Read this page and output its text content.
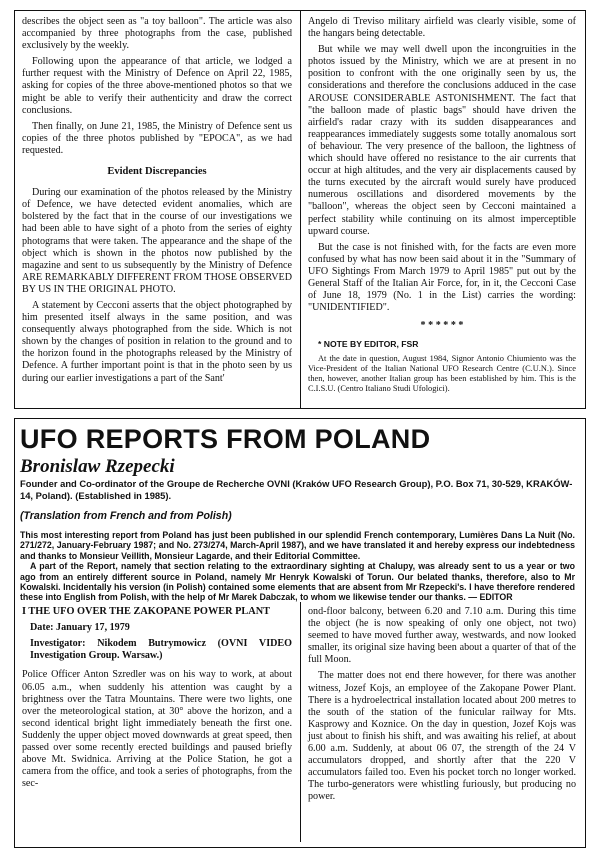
describes the object seen as "a toy balloon". The article was also accompanied by three photographs from the case, published exclusively by the weekly.

Following upon the appearance of that article, we lodged a further request with the Ministry of Defence on April 22, 1985, asking for copies of the three above-mentioned photos so that we might be able to verify their authenticity and draw the correct conclusions.

Then finally, on June 21, 1985, the Ministry of Defence sent us copies of the three photos published by "EPOCA", as we had requested.

Evident Discrepancies

During our examination of the photos released by the Ministry of Defence, we have detected evident anomalies, which are bolstered by the fact that in the course of our investigations we had been able to have sight of a photo from the series of eighty photograms that were taken. The appearance and the shape of the object which is shown in the photos now published by the magazine and sent to us subsequently by the Ministry of Defence ARE REMARKABLY DIFFERENT FROM THOSE OBSERVED BY US IN THE ORIGINAL PHOTO.

A statement by Cecconi asserts that the object photographed by him presented itself always in the same position, and was consequently always photographed from the side. Which is not shown by the changes of position in relation to the ground and to the horizon found in the photographs released by the Ministry of Defence. A further important point is that in the photo seen by us during our earlier investigations a part of the Sant'

Angelo di Treviso military airfield was clearly visible, some of the hangars being detectable.

But while we may well dwell upon the incongruities in the photos issued by the Ministry, which we are at present in no position to confront with the one originally seen by us, the considerations and therefore the conclusions adduced in the case AROUSE CONSIDERABLE ASTONISHMENT. The fact that "the balloon made of plastic bags" should have driven the airfield's radar crazy with its sudden disappearances and reappearances immediately suggests some totally anomalous sort of behaviour. The very presence of the balloon, the lightness of which should have offered no resistance to the air currents that occur at high altitudes, and the very air displacements caused by the turns executed by the aircraft would surely have produced numerous oscillations and disordered movements by the "balloon", whereas the object seen by Cecconi maintained a perfect stability while continuing on its almost imperceptible upward course.

But the case is not finished with, for the facts are even more confused by what has now been said about it in the "Summary of UFO Sightings From March 1979 to April 1985" put out by the General Staff of the Italian Air Force, for, in it, the Cecconi Case of June 18, 1979 (No. 1 in the List) carries the wording: "UNIDENTIFIED".

* * * * * *

* NOTE BY EDITOR, FSR

At the date in question, August 1984, Signor Antonio Chiumiento was the Vice-President of the Italian National UFO Research Centre (C.U.N.). Since then, however, another Italian group has been established by him. This is the C.I.S.U. (Centro Italiano Studi Ufologici).

UFO REPORTS FROM POLAND
Bronislaw Rzepecki
Founder and Co-ordinator of the Groupe de Recherche OVNI (Kraków UFO Research Group), P.O. Box 71, 30-529, KRAKÓW-14, Poland). (Established in 1985).
(Translation from French and from Polish)

This most interesting report from Poland has just been published in our splendid French contemporary, Lumières Dans La Nuit (No. 271/272, January-February 1987; and No. 273/274, March-April 1987), and we have translated it and hereby express our indebtedness and thanks to Monsieur Veillith, Monsieur Lagarde, and their Editorial Committee.

A part of the Report, namely that section relating to the extraordinary sighting at Chalupy, was already sent to us a year or two ago from an entirely different source in Poland, namely Mr Henryk Kowalski of Torun. Our belated thanks, therefore, also to Mr Kowalski. Incidentally his version (in Polish) contained some elements that are absent from Mr Rzepecki's. I have therefore rendered these into English from Polish, with the help of Mr Marek Dabczak, to whom we likewise tender our thanks. — EDITOR

I THE UFO OVER THE ZAKOPANE POWER PLANT

Date: January 17, 1979

Investigator: Nikodem Butrymowicz (OVNI VIDEO Investigation Group. Warsaw.)

Police Officer Anton Szredler was on his way to work, at about 06.05 a.m., when suddenly his attention was caught by a brightness over the Tatra Mountains. There were two lights, one over the meteorological station, at 30° above the horizon, and a second identical bright light immediately beneath the first one. Suddenly the upper object moved downwards at great speed, then passed over some recently erected buildings and paused briefly above Mt. Swidnica. Arriving at the Police Station, he got a camera from the office, and took a series of photographs, from the sec-

ond-floor balcony, between 6.20 and 7.10 a.m. During this time the object (he is now speaking of only one object, not two) seemed to have moved further away, westwards, and now looked smaller, its original size having been about a quarter of that of the full Moon.

The matter does not end there however, for there was another witness, Jozef Kojs, an employee of the Zakopane Power Plant. There is a hydroelectrical installation located about 200 metres to the south of the station of the funicular railway for Mts. Kasprowy and Koznice. On the day in question, Jozef Kojs was just about to finish his shift, and was awaiting his relief, at about 6.00 a.m. Suddenly, at about 06 07, the strength of the 24 V accumulators dropped, and shortly after that the 220 V accumulators failed too. Even his pocket torch no longer worked. The turbo-generators were whistling furiously, but producing no power.
